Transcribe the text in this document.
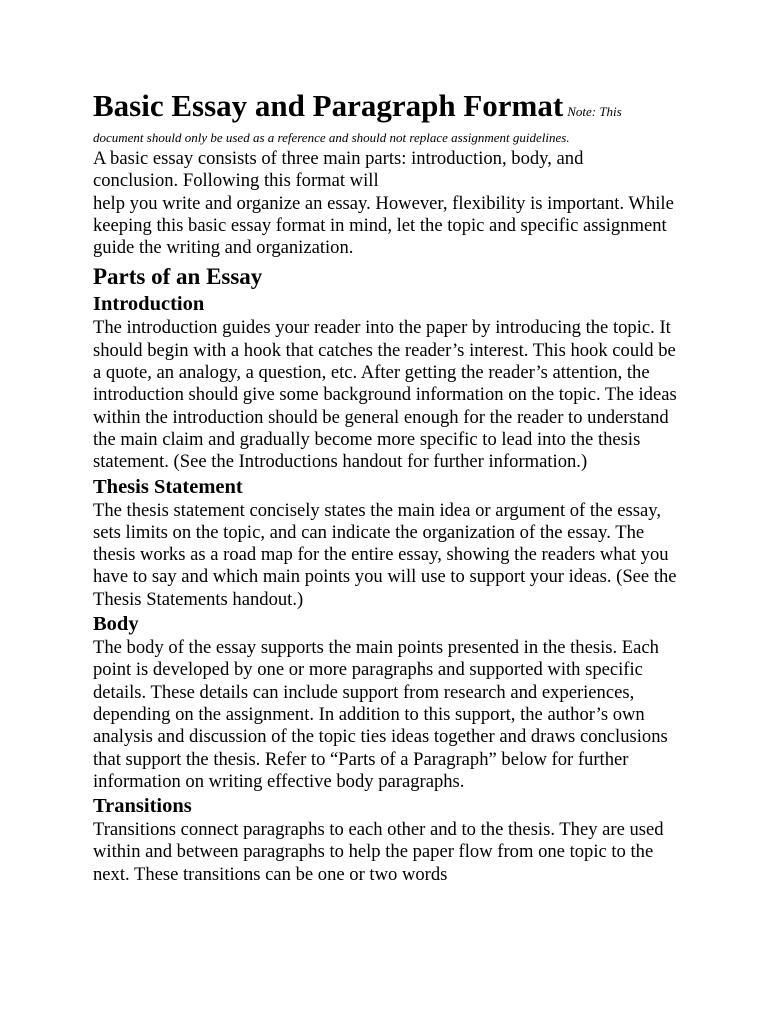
Basic Essay and Paragraph Format Note: This

document should only be used as a reference and should not replace assignment guidelines.

A basic essay consists of three main parts: introduction, body, and conclusion. Following this format will
help you write and organize an essay. However, flexibility is important. While keeping this basic essay format in mind, let the topic and specific assignment guide the writing and organization.

Parts of an Essay
Introduction

The introduction guides your reader into the paper by introducing the topic. It should begin with a hook that catches the reader’s interest. This hook could be a quote, an analogy, a question, etc. After getting the reader’s attention, the introduction should give some background information on the topic. The ideas within the introduction should be general enough for the reader to understand the main claim and gradually become more specific to lead into the thesis statement. (See the Introductions handout for further information.)

Thesis Statement

The thesis statement concisely states the main idea or argument of the essay, sets limits on the topic, and can indicate the organization of the essay. The thesis works as a road map for the entire essay, showing the readers what you have to say and which main points you will use to support your ideas. (See the Thesis Statements handout.)

Body

The body of the essay supports the main points presented in the thesis. Each point is developed by one or more paragraphs and supported with specific details. These details can include support from research and experiences, depending on the assignment. In addition to this support, the author’s own analysis and discussion of the topic ties ideas together and draws conclusions that support the thesis. Refer to “Parts of a Paragraph” below for further information on writing effective body paragraphs.

Transitions

Transitions connect paragraphs to each other and to the thesis. They are used within and between paragraphs to help the paper flow from one topic to the next. These transitions can be one or two words
